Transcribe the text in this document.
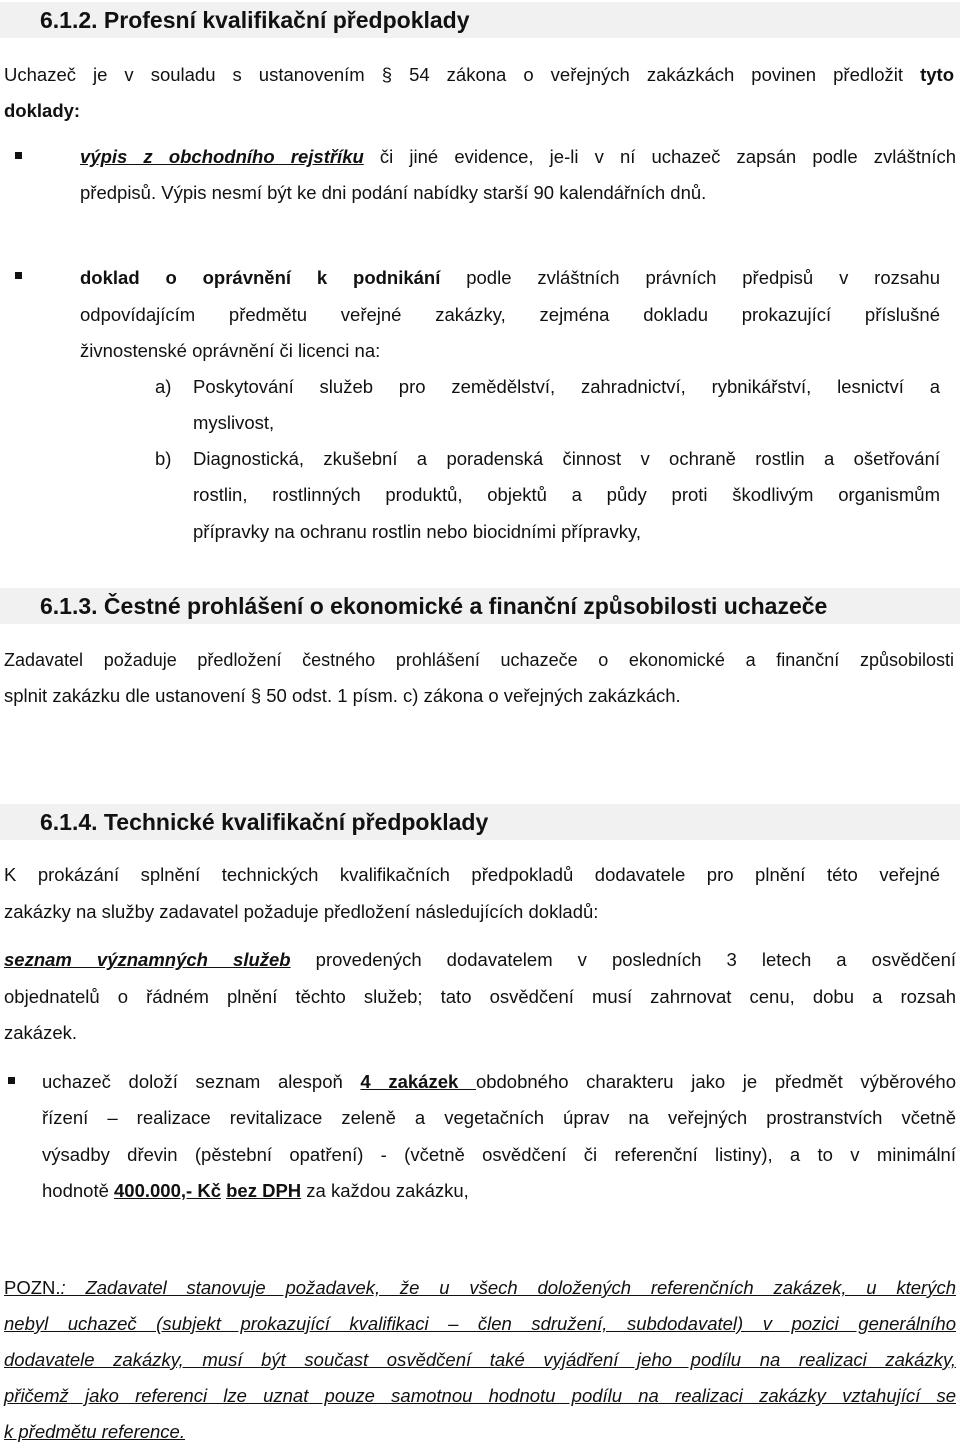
6.1.2. Profesní kvalifikační předpoklady
Uchazeč je v souladu s ustanovením § 54 zákona o veřejných zakázkách povinen předložit tyto
doklady:
výpis z obchodního rejstříku či jiné evidence, je-li v ní uchazeč zapsán podle zvláštních
předpisů. Výpis nesmí být ke dni podání nabídky starší 90 kalendářních dnů.
doklad o oprávnění k podnikání podle zvláštních právních předpisů v rozsahu
odpovídajícím předmětu veřejné zakázky, zejména dokladu prokazující příslušné
živnostenské oprávnění či licenci na:
a) Poskytování služeb pro zemědělství, zahradnictví, rybnikářství, lesnictví a
myslivost,
b) Diagnostická, zkušební a poradenská činnost v ochraně rostlin a ošetřování
rostlin, rostlinných produktů, objektů a půdy proti škodlivým organismům
přípravky na ochranu rostlin nebo biocidními přípravky,
6.1.3. Čestné prohlášení o ekonomické a finanční způsobilosti uchazeče
Zadavatel požaduje předložení čestného prohlášení uchazeče o ekonomické a finanční způsobilosti
splnit zakázku dle ustanovení § 50 odst. 1 písm. c) zákona o veřejných zakázkách.
6.1.4. Technické kvalifikační předpoklady
K prokázání splnění technických kvalifikačních předpokladů dodavatele pro plnění této veřejné
zakázky na služby zadavatel požaduje předložení následujících dokladů:
seznam významných služeb provedených dodavatelem v posledních 3 letech a osvědčení
objednatelů o řádném plnění těchto služeb; tato osvědčení musí zahrnovat cenu, dobu a rozsah
zakázek.
uchazeč doloží seznam alespoň 4 zakázek obdobného charakteru jako je předmět výběrového
řízení – realizace revitalizace zeleně a vegetačních úprav na veřejných prostranstvích včetně
výsadby dřevin (pěstební opatření) - (včetně osvědčení či referenční listiny), a to v minimální
hodnotě 400.000,- Kč bez DPH za každou zakázku,
POZN.: Zadavatel stanovuje požadavek, že u všech doložených referenčních zakázek, u kterých
nebyl uchazeč (subjekt prokazující kvalifikaci – člen sdružení, subdodavatel) v pozici generálního
dodavatele zakázky, musí být součast osvědčení také vyjádření jeho podílu na realizaci zakázky,
přičemž jako referenci lze uznat pouze samotnou hodnotu podílu na realizaci zakázky vztahující se
k předmětu reference.
